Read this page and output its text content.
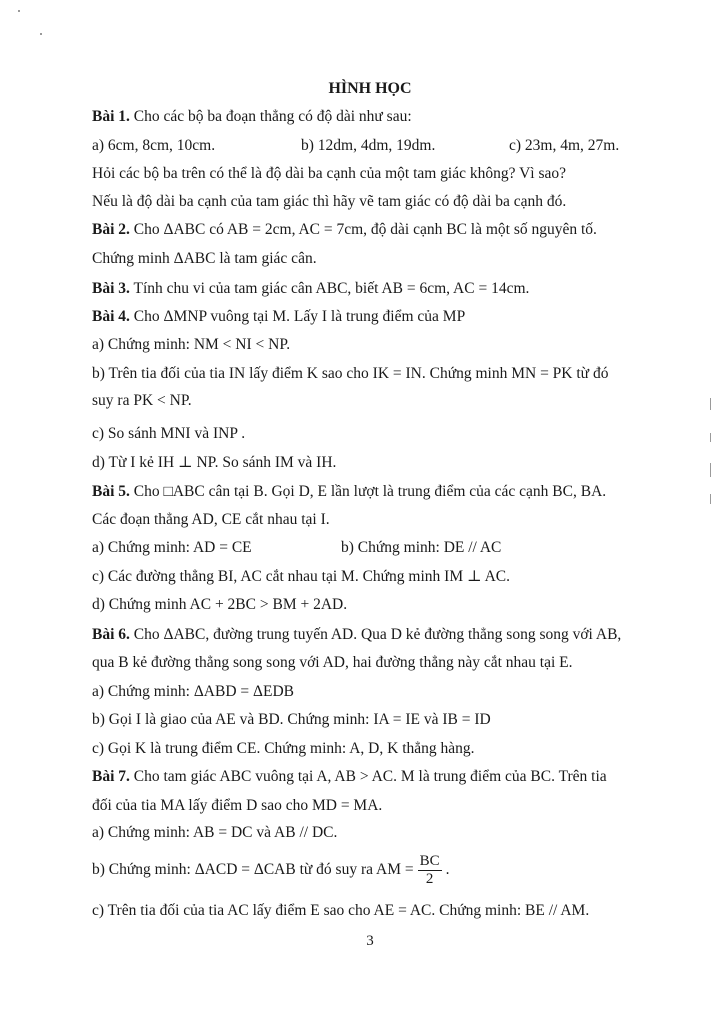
HÌNH HỌC
Bài 1. Cho các bộ ba đoạn thẳng có độ dài như sau:
a) 6cm, 8cm, 10cm.	b) 12dm, 4dm, 19dm.	c) 23m, 4m, 27m.
Hỏi các bộ ba trên có thể là độ dài ba cạnh của một tam giác không? Vì sao?
Nếu là độ dài ba cạnh của tam giác thì hãy vẽ tam giác có độ dài ba cạnh đó.
Bài 2. Cho ΔABC có AB = 2cm, AC = 7cm, độ dài cạnh BC là một số nguyên tố.
Chứng minh ΔABC là tam giác cân.
Bài 3. Tính chu vi của tam giác cân ABC, biết AB = 6cm, AC = 14cm.
Bài 4. Cho ΔMNP vuông tại M. Lấy I là trung điểm của MP
a) Chứng minh: NM < NI < NP.
b) Trên tia đối của tia IN lấy điểm K sao cho IK = IN. Chứng minh MN = PK từ đó
suy ra PK < NP.
c) So sánh MNI và INP .
d) Từ I kẻ IH ⊥ NP. So sánh IM và IH.
Bài 5. Cho □ABC cân tại B. Gọi D, E lần lượt là trung điểm của các cạnh BC, BA.
Các đoạn thẳng AD, CE cắt nhau tại I.
a) Chứng minh: AD = CE	b) Chứng minh: DE // AC
c) Các đường thẳng BI, AC cắt nhau tại M. Chứng minh IM ⊥ AC.
d) Chứng minh AC + 2BC > BM + 2AD.
Bài 6. Cho ΔABC, đường trung tuyến AD. Qua D kẻ đường thẳng song song với AB,
qua B kẻ đường thẳng song song với AD, hai đường thẳng này cắt nhau tại E.
a) Chứng minh: ΔABD = ΔEDB
b) Gọi I là giao của AE và BD. Chứng minh: IA = IE và IB = ID
c) Gọi K là trung điểm CE. Chứng minh: A, D, K thẳng hàng.
Bài 7. Cho tam giác ABC vuông tại A, AB > AC. M là trung điểm của BC. Trên tia
đối của tia MA lấy điểm D sao cho MD = MA.
a) Chứng minh: AB = DC và AB // DC.
b) Chứng minh: ΔACD = ΔCAB từ đó suy ra AM = $\frac{BC}{2}$ .
c) Trên tia đối của tia AC lấy điểm E sao cho AE = AC. Chứng minh: BE // AM.
3
